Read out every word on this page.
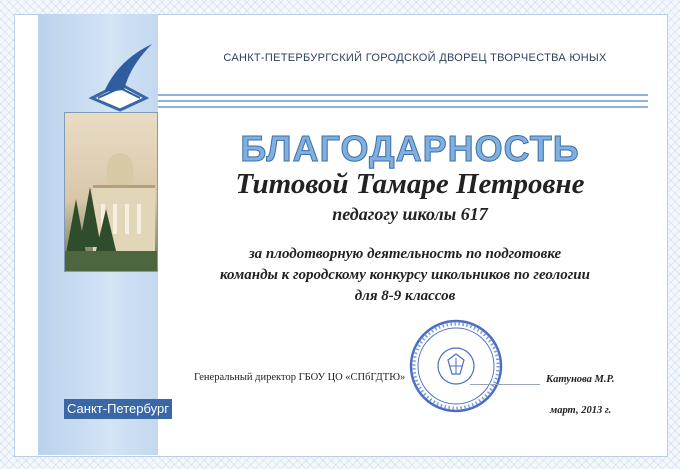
Санкт-Петербург
САНКТ-ПЕТЕРБУРГСКИЙ ГОРОДСКОЙ ДВОРЕЦ ТВОРЧЕСТВА ЮНЫХ
БЛАГОДАРНОСТЬ
Титовой Тамаре Петровне
педагогу школы 617
за плодотворную деятельность по подготовке
команды к городскому конкурсу школьников по геологии
для 8-9 классов
Генеральный директор ГБОУ ЦО «СПбГДТЮ»	Катунова М.Р.
март, 2013 г.
